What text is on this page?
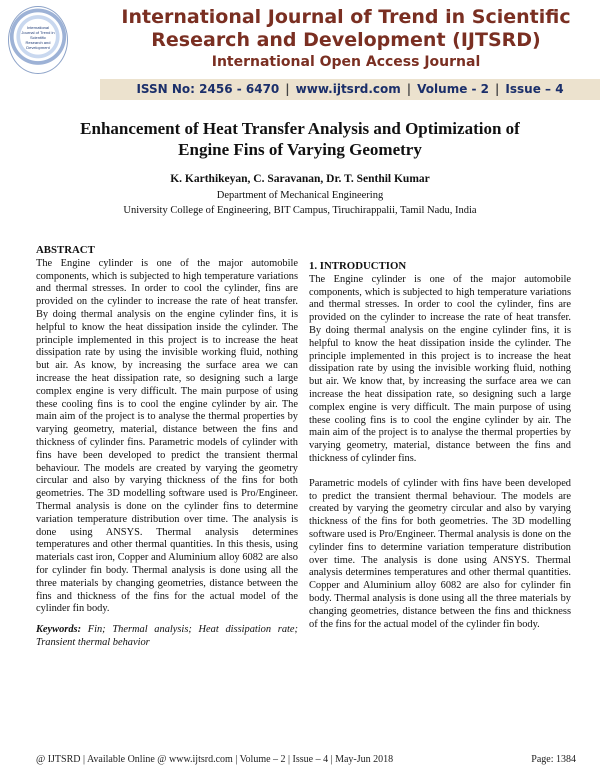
International Journal of Trend in Scientific Research and Development
International Journal of Trend in Scientific
Research and Development (IJTSRD)
International Open Access Journal
ISSN No: 2456 - 6470 | www.ijtsrd.com | Volume - 2 | Issue – 4
Enhancement of Heat Transfer Analysis and Optimization of
Engine Fins of Varying Geometry
K. Karthikeyan, C. Saravanan, Dr. T. Senthil Kumar
Department of Mechanical Engineering
University College of Engineering, BIT Campus, Tiruchirappalii, Tamil Nadu, India
ABSTRACT
The Engine cylinder is one of the major automobile components, which is subjected to high temperature variations and thermal stresses. In order to cool the cylinder, fins are provided on the cylinder to increase the rate of heat transfer. By doing thermal analysis on the engine cylinder fins, it is helpful to know the heat dissipation inside the cylinder. The principle implemented in this project is to increase the heat dissipation rate by using the invisible working fluid, nothing but air. As know, by increasing the surface area we can increase the heat dissipation rate, so designing such a large complex engine is very difficult. The main purpose of using these cooling fins is to cool the engine cylinder by air. The main aim of the project is to analyse the thermal properties by varying geometry, material, distance between the fins and thickness of cylinder fins. Parametric models of cylinder with fins have been developed to predict the transient thermal behaviour. The models are created by varying the geometry circular and also by varying thickness of the fins for both geometries. The 3D modelling software used is Pro/Engineer. Thermal analysis is done on the cylinder fins to determine variation temperature distribution over time. The analysis is done using ANSYS. Thermal analysis determines temperatures and other thermal quantities. In this thesis, using materials cast iron, Copper and Aluminium alloy 6082 are also for cylinder fin body. Thermal analysis is done using all the three materials by changing geometries, distance between the fins and thickness of the fins for the actual model of the cylinder fin body.
Keywords: Fin; Thermal analysis; Heat dissipation rate; Transient thermal behavior
1. INTRODUCTION

The Engine cylinder is one of the major automobile components, which is subjected to high temperature variations and thermal stresses. In order to cool the cylinder, fins are provided on the cylinder to increase the rate of heat transfer. By doing thermal analysis on the engine cylinder fins, it is helpful to know the heat dissipation inside the cylinder. The principle implemented in this project is to increase the heat dissipation rate by using the invisible working fluid, nothing but air. We know that, by increasing the surface area we can increase the heat dissipation rate, so designing such a large complex engine is very difficult. The main purpose of using these cooling fins is to cool the engine cylinder by air. The main aim of the project is to analyse the thermal properties by varying geometry, material, distance between the fins and thickness of cylinder fins.

Parametric models of cylinder with fins have been developed to predict the transient thermal behaviour. The models are created by varying the geometry circular and also by varying thickness of the fins for both geometries. The 3D modelling software used is Pro/Engineer. Thermal analysis is done on the cylinder fins to determine variation temperature distribution over time. The analysis is done using ANSYS. Thermal analysis determines temperatures and other thermal quantities. Copper and Aluminium alloy 6082 are also for cylinder fin body. Thermal analysis is done using all the three materials by changing geometries, distance between the fins and thickness of the fins for the actual model of the cylinder fin body.

@ IJTSRD | Available Online @ www.ijtsrd.com | Volume – 2 | Issue – 4 | May-Jun 2018	Page: 1384
